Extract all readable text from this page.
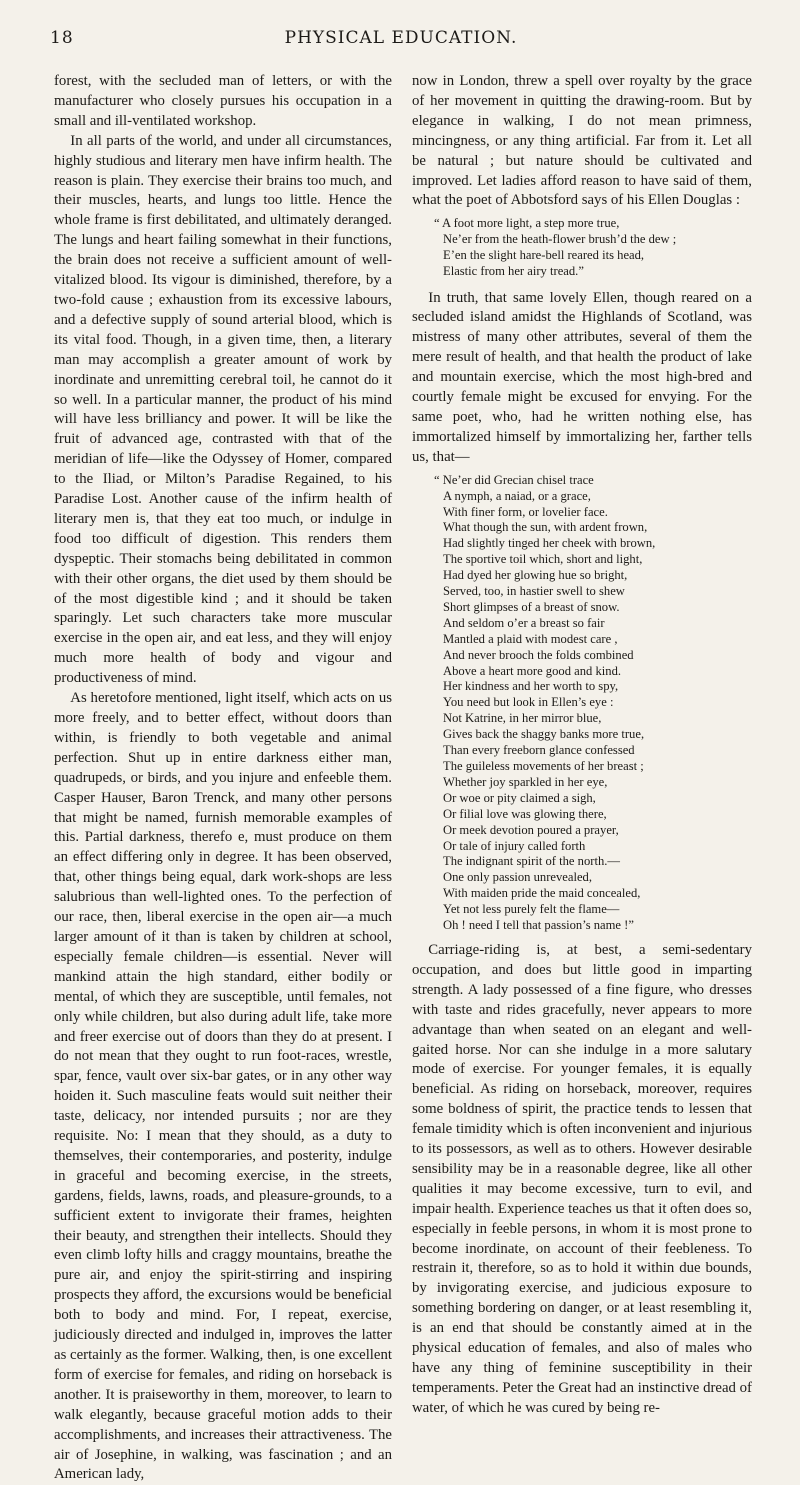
18	PHYSICAL EDUCATION.

forest, with the secluded man of letters, or with the manufacturer who closely pursues his occupation in a small and ill-ventilated workshop.

In all parts of the world, and under all circumstances, highly studious and literary men have infirm health. The reason is plain. They exercise their brains too much, and their muscles, hearts, and lungs too little. Hence the whole frame is first debilitated, and ultimately deranged. The lungs and heart failing somewhat in their functions, the brain does not receive a sufficient amount of well-vitalized blood. Its vigour is diminished, therefore, by a two-fold cause ; exhaustion from its excessive labours, and a defective supply of sound arterial blood, which is its vital food. Though, in a given time, then, a literary man may accomplish a greater amount of work by inordinate and unremitting cerebral toil, he cannot do it so well. In a particular manner, the product of his mind will have less brilliancy and power. It will be like the fruit of advanced age, contrasted with that of the meridian of life—like the Odyssey of Homer, compared to the Iliad, or Milton’s Paradise Regained, to his Paradise Lost. Another cause of the infirm health of literary men is, that they eat too much, or indulge in food too difficult of digestion. This renders them dyspeptic. Their stomachs being debilitated in common with their other organs, the diet used by them should be of the most digestible kind ; and it should be taken sparingly. Let such characters take more muscular exercise in the open air, and eat less, and they will enjoy much more health of body and vigour and productiveness of mind.

As heretofore mentioned, light itself, which acts on us more freely, and to better effect, without doors than within, is friendly to both vegetable and animal perfection. Shut up in entire darkness either man, quadrupeds, or birds, and you injure and enfeeble them. Casper Hauser, Baron Trenck, and many other persons that might be named, furnish memorable examples of this. Partial darkness, therefo e, must produce on them an effect differing only in degree. It has been observed, that, other things being equal, dark work-shops are less salubrious than well-lighted ones. To the perfection of our race, then, liberal exercise in the open air—a much larger amount of it than is taken by children at school, especially female children—is essential. Never will mankind attain the high standard, either bodily or mental, of which they are susceptible, until females, not only while children, but also during adult life, take more and freer exercise out of doors than they do at present. I do not mean that they ought to run foot-races, wrestle, spar, fence, vault over six-bar gates, or in any other way hoiden it. Such masculine feats would suit neither their taste, delicacy, nor intended pursuits ; nor are they requisite. No: I mean that they should, as a duty to themselves, their contemporaries, and posterity, indulge in graceful and becoming exercise, in the streets, gardens, fields, lawns, roads, and pleasure-grounds, to a sufficient extent to invigorate their frames, heighten their beauty, and strengthen their intellects. Should they even climb lofty hills and craggy mountains, breathe the pure air, and enjoy the spirit-stirring and inspiring prospects they afford, the excursions would be beneficial both to body and mind. For, I repeat, exercise, judiciously directed and indulged in, improves the latter as certainly as the former. Walking, then, is one excellent form of exercise for females, and riding on horseback is another. It is praiseworthy in them, moreover, to learn to walk elegantly, because graceful motion adds to their accomplishments, and increases their attractiveness. The air of Josephine, in walking, was fascination ; and an American lady,

now in London, threw a spell over royalty by the grace of her movement in quitting the drawing-room. But by elegance in walking, I do not mean primness, mincingness, or any thing artificial. Far from it. Let all be natural ; but nature should be cultivated and improved. Let ladies afford reason to have said of them, what the poet of Abbotsford says of his Ellen Douglas :

“ A foot more light, a step more true,
Ne’er from the heath-flower brush’d the dew ;
E’en the slight hare-bell reared its head,
Elastic from her airy tread.”

In truth, that same lovely Ellen, though reared on a secluded island amidst the Highlands of Scotland, was mistress of many other attributes, several of them the mere result of health, and that health the product of lake and mountain exercise, which the most high-bred and courtly female might be excused for envying. For the same poet, who, had he written nothing else, has immortalized himself by immortalizing her, farther tells us, that—

“ Ne’er did Grecian chisel trace
A nymph, a naiad, or a grace,
With finer form, or lovelier face.
What though the sun, with ardent frown,
Had slightly tinged her cheek with brown,
The sportive toil which, short and light,
Had dyed her glowing hue so bright,
Served, too, in hastier swell to shew
Short glimpses of a breast of snow.
And seldom o’er a breast so fair
Mantled a plaid with modest care ,
And never brooch the folds combined
Above a heart more good and kind.
Her kindness and her worth to spy,
You need but look in Ellen’s eye :
Not Katrine, in her mirror blue,
Gives back the shaggy banks more true,
Than every freeborn glance confessed
The guileless movements of her breast ;
Whether joy sparkled in her eye,
Or woe or pity claimed a sigh,
Or filial love was glowing there,
Or meek devotion poured a prayer,
Or tale of injury called forth
The indignant spirit of the north.—
One only passion unrevealed,
With maiden pride the maid concealed,
Yet not less purely felt the flame—
Oh ! need I tell that passion’s name !”

Carriage-riding is, at best, a semi-sedentary occupation, and does but little good in imparting strength. A lady possessed of a fine figure, who dresses with taste and rides gracefully, never appears to more advantage than when seated on an elegant and well-gaited horse. Nor can she indulge in a more salutary mode of exercise. For younger females, it is equally beneficial. As riding on horseback, moreover, requires some boldness of spirit, the practice tends to lessen that female timidity which is often inconvenient and injurious to its possessors, as well as to others. However desirable sensibility may be in a reasonable degree, like all other qualities it may become excessive, turn to evil, and impair health. Experience teaches us that it often does so, especially in feeble persons, in whom it is most prone to become inordinate, on account of their feebleness. To restrain it, therefore, so as to hold it within due bounds, by invigorating exercise, and judicious exposure to something bordering on danger, or at least resembling it, is an end that should be constantly aimed at in the physical education of females, and also of males who have any thing of feminine susceptibility in their temperaments. Peter the Great had an instinctive dread of water, of which he was cured by being re-
